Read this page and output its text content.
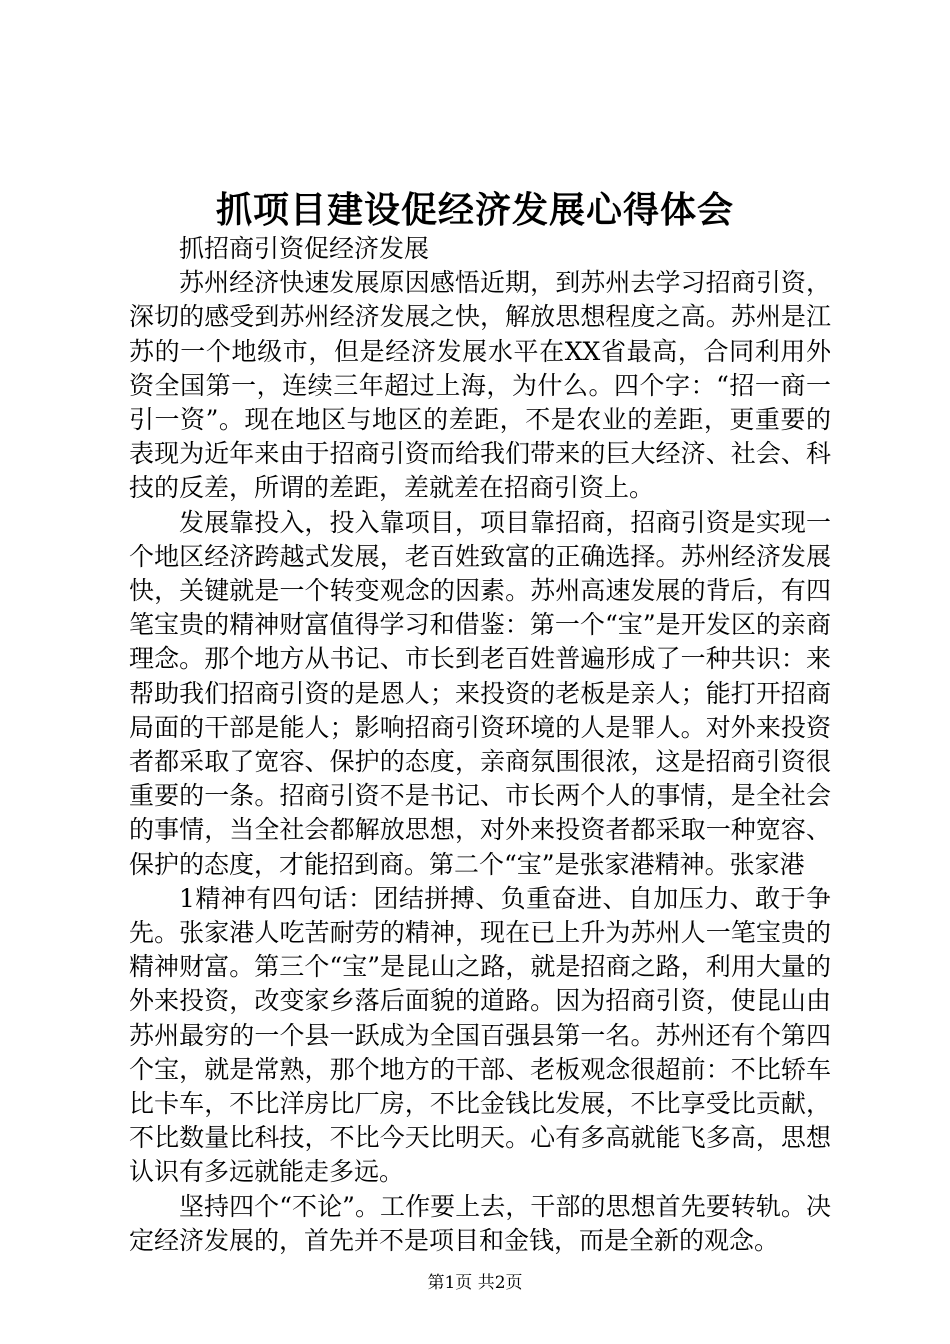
抓项目建设促经济发展心得体会

抓招商引资促经济发展

苏州经济快速发展原因感悟近期，到苏州去学习招商引资，深切的感受到苏州经济发展之快，解放思想程度之高。苏州是江苏的一个地级市，但是经济发展水平在XX省最高，合同利用外资全国第一，连续三年超过上海，为什么。四个字：“招一商一引一资”。现在地区与地区的差距，不是农业的差距，更重要的表现为近年来由于招商引资而给我们带来的巨大经济、社会、科技的反差，所谓的差距，差就差在招商引资上。

发展靠投入，投入靠项目，项目靠招商，招商引资是实现一个地区经济跨越式发展，老百姓致富的正确选择。苏州经济发展快，关键就是一个转变观念的因素。苏州高速发展的背后，有四笔宝贵的精神财富值得学习和借鉴：第一个“宝”是开发区的亲商理念。那个地方从书记、市长到老百姓普遍形成了一种共识：来帮助我们招商引资的是恩人；来投资的老板是亲人；能打开招商局面的干部是能人；影响招商引资环境的人是罪人。对外来投资者都采取了宽容、保护的态度，亲商氛围很浓，这是招商引资很重要的一条。招商引资不是书记、市长两个人的事情，是全社会的事情，当全社会都解放思想，对外来投资者都采取一种宽容、保护的态度，才能招到商。第二个“宝”是张家港精神。张家港

1精神有四句话：团结拼搏、负重奋进、自加压力、敢于争先。张家港人吃苦耐劳的精神，现在已上升为苏州人一笔宝贵的精神财富。第三个“宝”是昆山之路，就是招商之路，利用大量的外来投资，改变家乡落后面貌的道路。因为招商引资，使昆山由苏州最穷的一个县一跃成为全国百强县第一名。苏州还有个第四个宝，就是常熟，那个地方的干部、老板观念很超前：不比轿车比卡车，不比洋房比厂房，不比金钱比发展，不比享受比贡献，不比数量比科技，不比今天比明天。心有多高就能飞多高，思想认识有多远就能走多远。

坚持四个“不论”。工作要上去，干部的思想首先要转轨。决定经济发展的，首先并不是项目和金钱，而是全新的观念。

第1页 共2页
